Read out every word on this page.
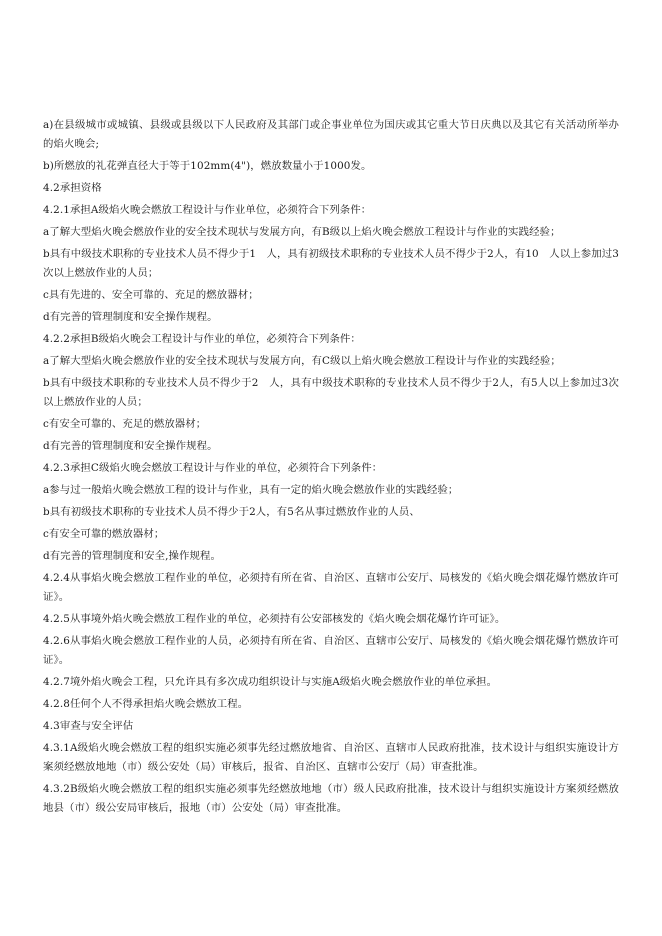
a)在县级城市或城镇、县级或县级以下人民政府及其部门或企事业单位为国庆或其它重大节日庆典以及其它有关活动所举办的焰火晚会;

b)所燃放的礼花弹直径大于等于102mm(4")，燃放数量小于1000发。

4.2承担资格

4.2.1承担A级焰火晚会燃放工程设计与作业单位，必须符合下列条件：

a了解大型焰火晚会燃放作业的安全技术现状与发展方向，有B级以上焰火晚会燃放工程设计与作业的实践经验；

b具有中级技术职称的专业技术人员不得少于1　人，具有初级技术职称的专业技术人员不得少于2人，有10　人以上参加过3　次以上燃放作业的人员；

c具有先进的、安全可靠的、充足的燃放器材；

d有完善的管理制度和安全操作规程。

4.2.2承担B级焰火晚会工程设计与作业的单位，必须符合下列条件：

a了解大型焰火晚会燃放作业的安全技术现状与发展方向，有C级以上焰火晚会燃放工程设计与作业的实践经验；

b具有中级技术职称的专业技术人员不得少于2　人，具有中级技术职称的专业技术人员不得少于2人，有5人以上参加过3次以上燃放作业的人员；

c有安全可靠的、充足的燃放器材；

d有完善的管理制度和安全操作规程。

4.2.3承担C级焰火晚会燃放工程设计与作业的单位，必须符合下列条件：

a参与过一般焰火晚会燃放工程的设计与作业，具有一定的焰火晚会燃放作业的实践经验；

b具有初级技术职称的专业技术人员不得少于2人，有5名从事过燃放作业的人员、

c有安全可靠的燃放器材；

d有完善的管理制度和安全,操作规程。

4.2.4从事焰火晚会燃放工程作业的单位，必须持有所在省、自治区、直辖市公安厅、局核发的《焰火晚会烟花爆竹燃放许可证》。

4.2.5从事境外焰火晚会燃放工程作业的单位，必须持有公安部核发的《焰火晚会烟花爆竹许可证》。

4.2.6从事焰火晚会燃放工程作业的人员，必须持有所在省、自治区、直辖市公安厅、局核发的《焰火晚会烟花爆竹燃放许可证》。

4.2.7境外焰火晚会工程，只允许具有多次成功组织设计与实施A级焰火晚会燃放作业的单位承担。

4.2.8任何个人不得承担焰火晚会燃放工程。

4.3审查与安全评估

4.3.1A级焰火晚会燃放工程的组织实施必须事先经过燃放地省、自治区、直辖市人民政府批准，技术设计与组织实施设计方案须经燃放地地（市）级公安处（局）审核后，报省、自治区、直辖市公安厅（局）审查批准。

4.3.2B级焰火晚会燃放工程的组织实施必须事先经燃放地地（市）级人民政府批准，技术设计与组织实施设计方案须经燃放地县（市）级公安局审核后，报地（市）公安处（局）审查批准。
